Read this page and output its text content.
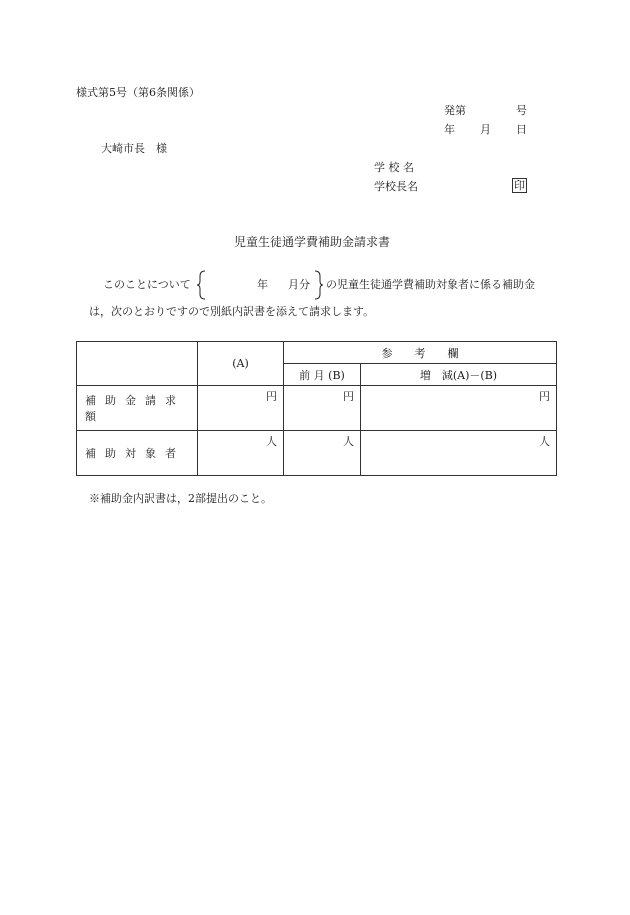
様式第5号（第6条関係）
発第	号
年 月 日
大崎市長　様
学 校 名
学校長名	印
児童生徒通学費補助金請求書
このことについて	年 月分 の児童生徒通学費補助対象者に係る補助金
は，次のとおりですので別紙内訳書を添えて請求します。
	(A)	参　　考　　欄	
		前 月 (B)	増　減(A)－(B)
補助金請求額	円	円	円
補助対象者	人	人	人
※補助金内訳書は，2部提出のこと。
